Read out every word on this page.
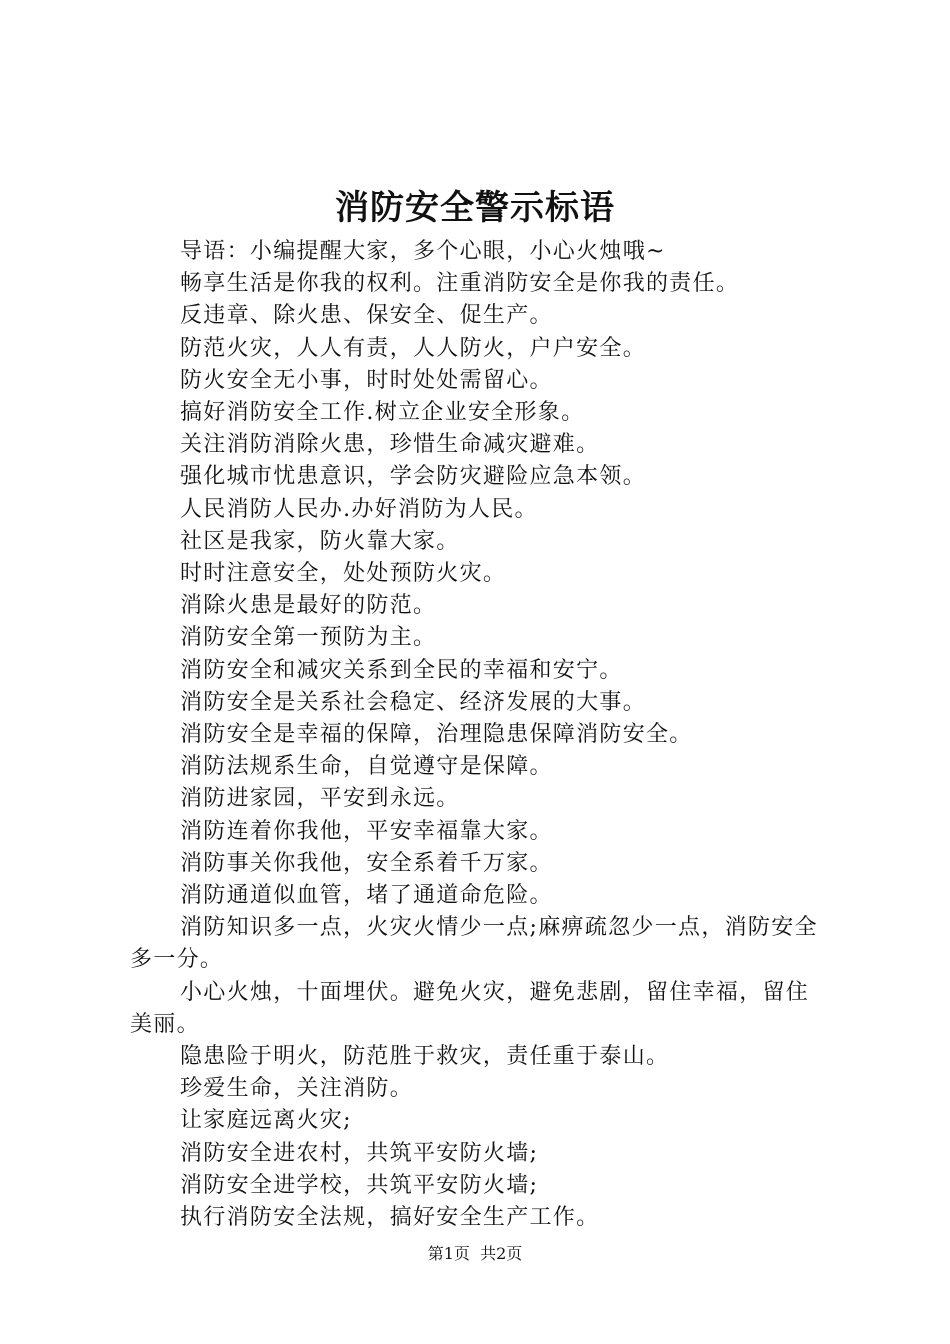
消防安全警示标语

导语：小编提醒大家，多个心眼，小心火烛哦~

畅享生活是你我的权利。注重消防安全是你我的责任。

反违章、除火患、保安全、促生产。

防范火灾，人人有责，人人防火，户户安全。

防火安全无小事，时时处处需留心。

搞好消防安全工作.树立企业安全形象。

关注消防消除火患，珍惜生命减灾避难。

强化城市忧患意识，学会防灾避险应急本领。

人民消防人民办.办好消防为人民。

社区是我家，防火靠大家。

时时注意安全，处处预防火灾。

消除火患是最好的防范。

消防安全第一预防为主。

消防安全和减灾关系到全民的幸福和安宁。

消防安全是关系社会稳定、经济发展的大事。

消防安全是幸福的保障，治理隐患保障消防安全。

消防法规系生命，自觉遵守是保障。

消防进家园，平安到永远。

消防连着你我他，平安幸福靠大家。

消防事关你我他，安全系着千万家。

消防通道似血管，堵了通道命危险。

消防知识多一点，火灾火情少一点;麻痹疏忽少一点，消防安全多一分。

小心火烛，十面埋伏。避免火灾，避免悲剧，留住幸福，留住美丽。

隐患险于明火，防范胜于救灾，责任重于泰山。

珍爱生命，关注消防。

让家庭远离火灾;

消防安全进农村，共筑平安防火墙;

消防安全进学校，共筑平安防火墙;

执行消防安全法规，搞好安全生产工作。

第1页  共2页
